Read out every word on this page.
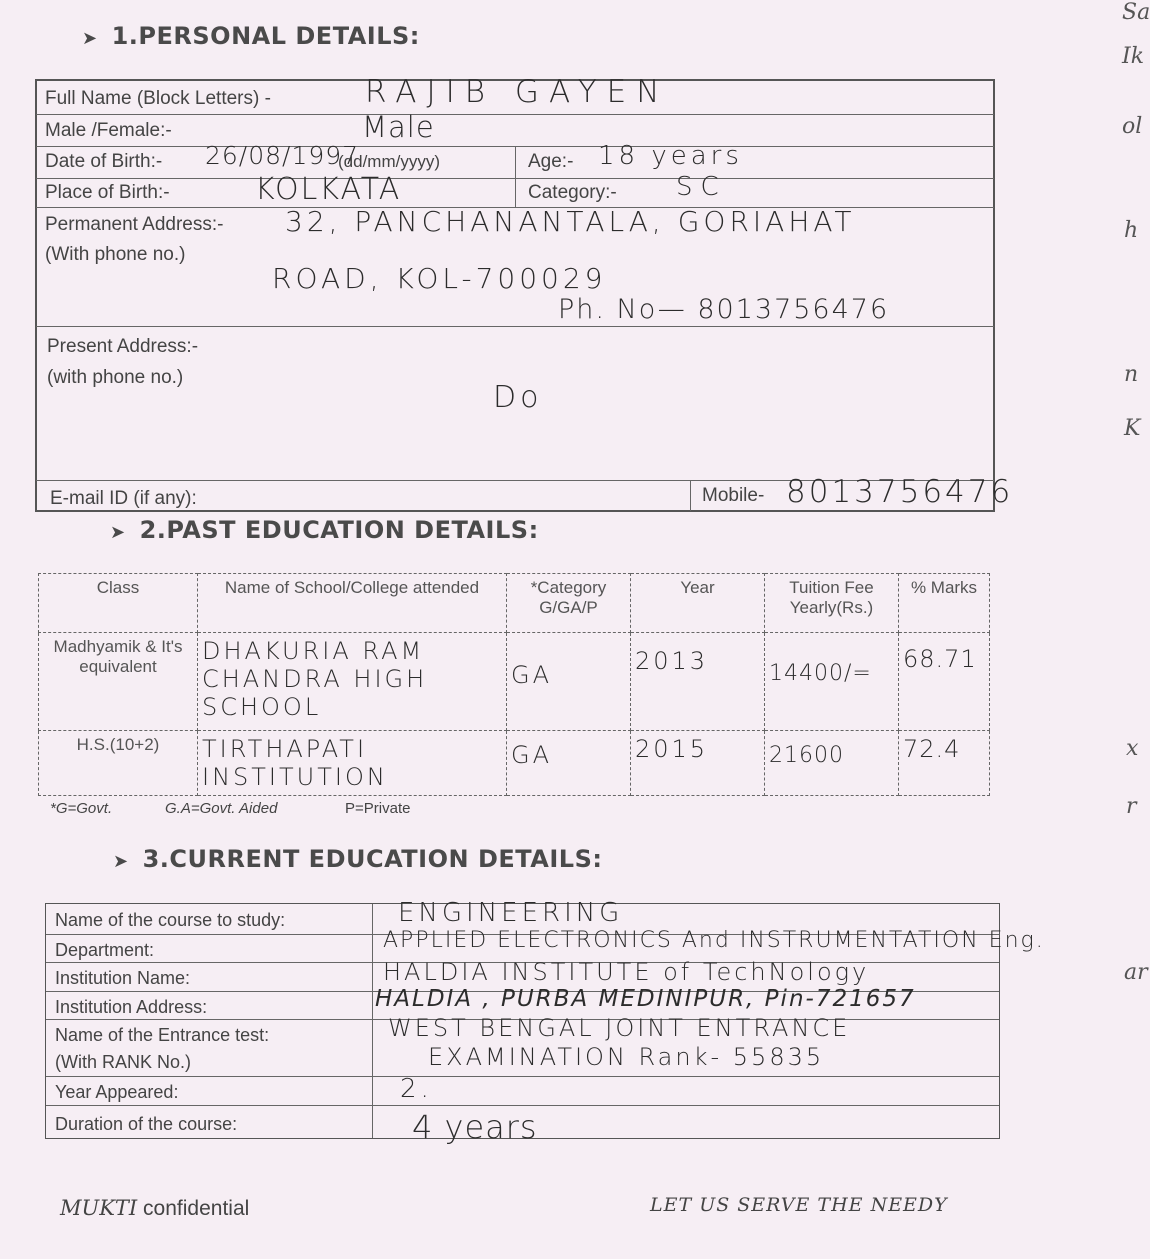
➤ 1.PERSONAL DETAILS:
Full Name (Block Letters) -	RAJIB GAYEN
Male /Female:-	Male
Date of Birth:- 26/08/1997
(dd/mm/yyyy)	Age:- 18 years
Place of Birth:-	KOLKATA	Category:- SC
Permanent Address:-
(With phone no.)
32, PANCHANANTALA, GORIAHAT
ROAD, KOL-700029
Ph. No— 8013756476
Present Address:-
(with phone no.)
Do
E-mail ID (if any):	Mobile- 8013756476
➤ 2.PAST EDUCATION DETAILS:
Class	Name of School/College attended	*Category G/GA/P	Year	Tuition Fee Yearly(Rs.)	% Marks
Madhyamik & It's equivalent	DHAKURIA RAM CHANDRA HIGH SCHOOL	GA	2013	14400/=	68.71
H.S.(10+2)	TIRTHAPATI INSTITUTION	GA	2015	21600	72.4
*G=Govt.	G.A=Govt. Aided	P=Private
➤ 3.CURRENT EDUCATION DETAILS:
Name of the course to study:	ENGINEERING
Department:	APPLIED ELECTRONICS And INSTRUMENTATION Eng.
Institution Name:	HALDIA INSTITUTE of TechNology
Institution Address:	HALDIA , PURBA MEDINIPUR, Pin-721657
Name of the Entrance test:
(With RANK No.)
WEST BENGAL JOINT ENTRANCE
EXAMINATION Rank- 55835
Year Appeared:	2.
Duration of the course:	4 years
MUKTI confidential	LET US SERVE THE NEEDY
Sa
Ik
ol
h
n
K
x
r
ar
